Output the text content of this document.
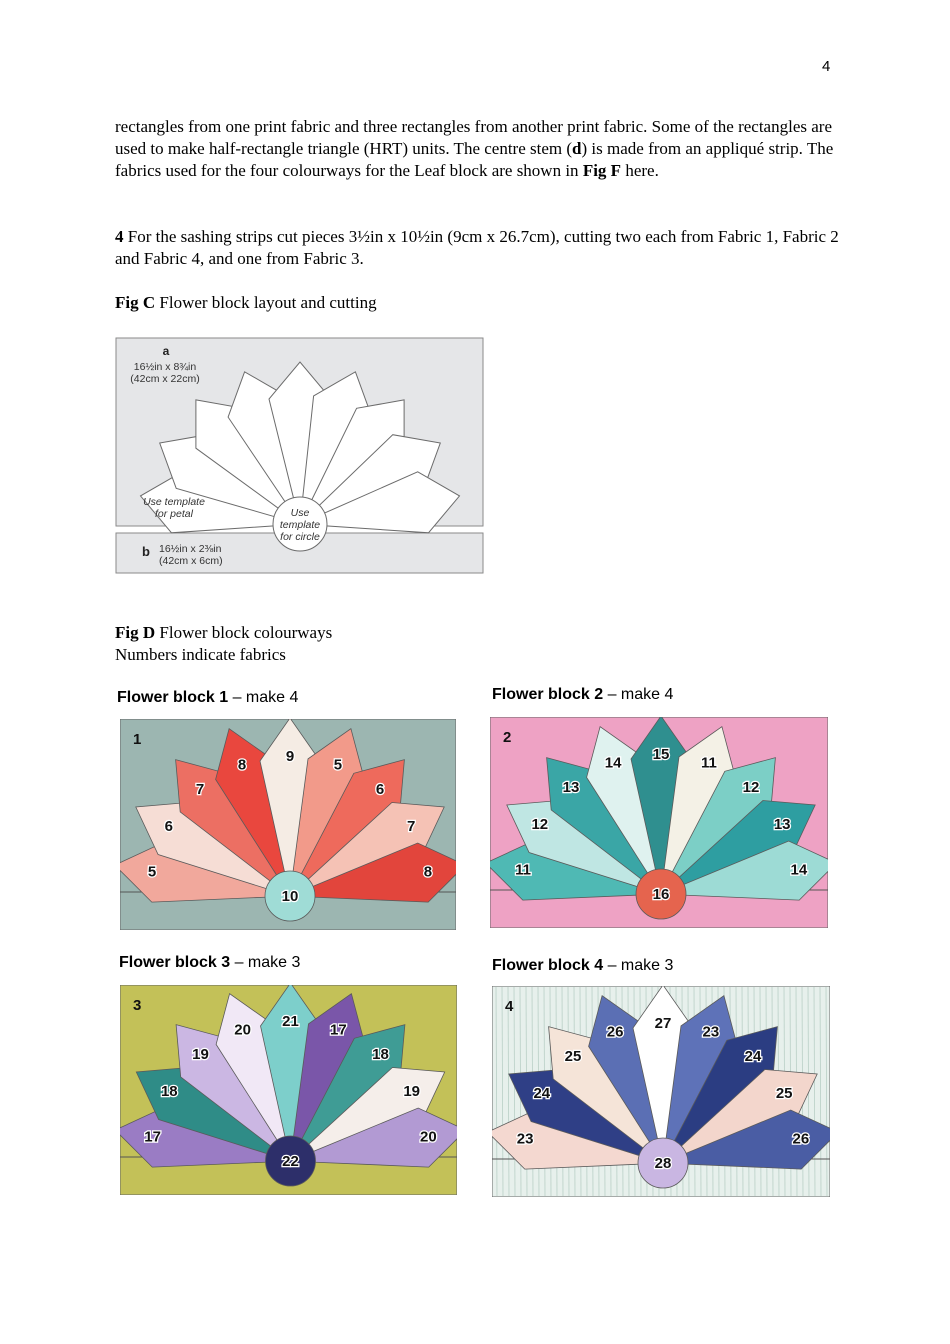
4

rectangles from one print fabric and three rectangles from another print fabric. Some of the rectangles are used to make half-rectangle triangle (HRT) units. The centre stem (d) is made from an appliqué strip. The fabrics used for the four colourways for the Leaf block are shown in Fig F here.

4 For the sashing strips cut pieces 3½in x 10½in (9cm x 26.7cm), cutting two each from Fabric 1, Fabric 2 and Fabric 4, and one from Fabric 3.

Fig C Flower block layout and cutting
a
16½in x 8¾in
(42cm x 22cm)
Use template
for petal	Use
template
for circle
b 16½in x 2⅜in
(42cm x 6cm)
Fig D Flower block colourways
Numbers indicate fabrics
Flower block 1 – make 4	Flower block 2 – make 4
Flower block 3 – make 3	Flower block 4 – make 3
1
5
6
7
8	9	5
6
7
8
10
2
11
12
13
14 15 11
12
13
14
16
3
17
18
19
20 21 17
18
19
20
22
4
23
24
25
26 27 23
24
25
26
28
